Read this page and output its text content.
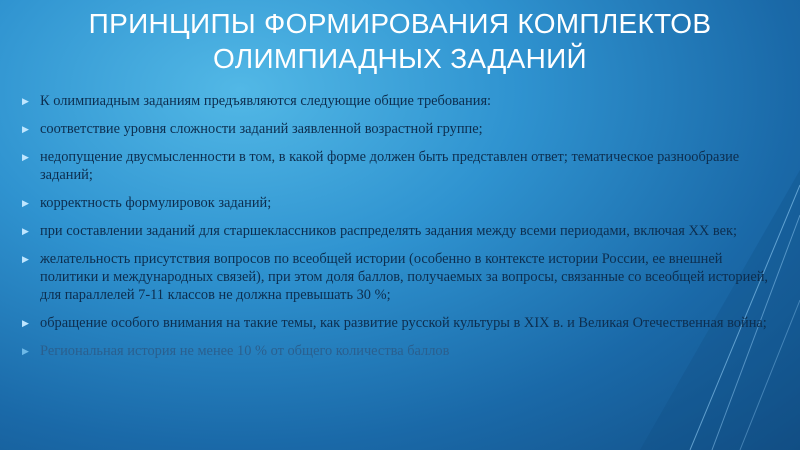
ПРИНЦИПЫ ФОРМИРОВАНИЯ КОМПЛЕКТОВ
ОЛИМПИАДНЫХ ЗАДАНИЙ
▶ К олимпиадным заданиям предъявляются следующие общие требования:
▶ соответствие уровня сложности заданий заявленной возрастной группе;
▶ недопущение двусмысленности в том, в какой форме должен быть представлен ответ; тематическое разнообразие заданий;
▶ корректность формулировок заданий;
▶ при составлении заданий для старшеклассников распределять задания между всеми периодами, включая XX век;
▶ желательность присутствия вопросов по всеобщей истории (особенно в контексте истории России, ее внешней политики и международных связей), при этом доля баллов, получаемых за вопросы, связанные со всеобщей историей, для параллелей 7-11 классов не должна превышать 30 %;
▶ обращение особого внимания на такие темы, как развитие русской культуры в XIX в. и Великая Отечественная война;
▶ Региональная история не менее 10 % от общего количества баллов
